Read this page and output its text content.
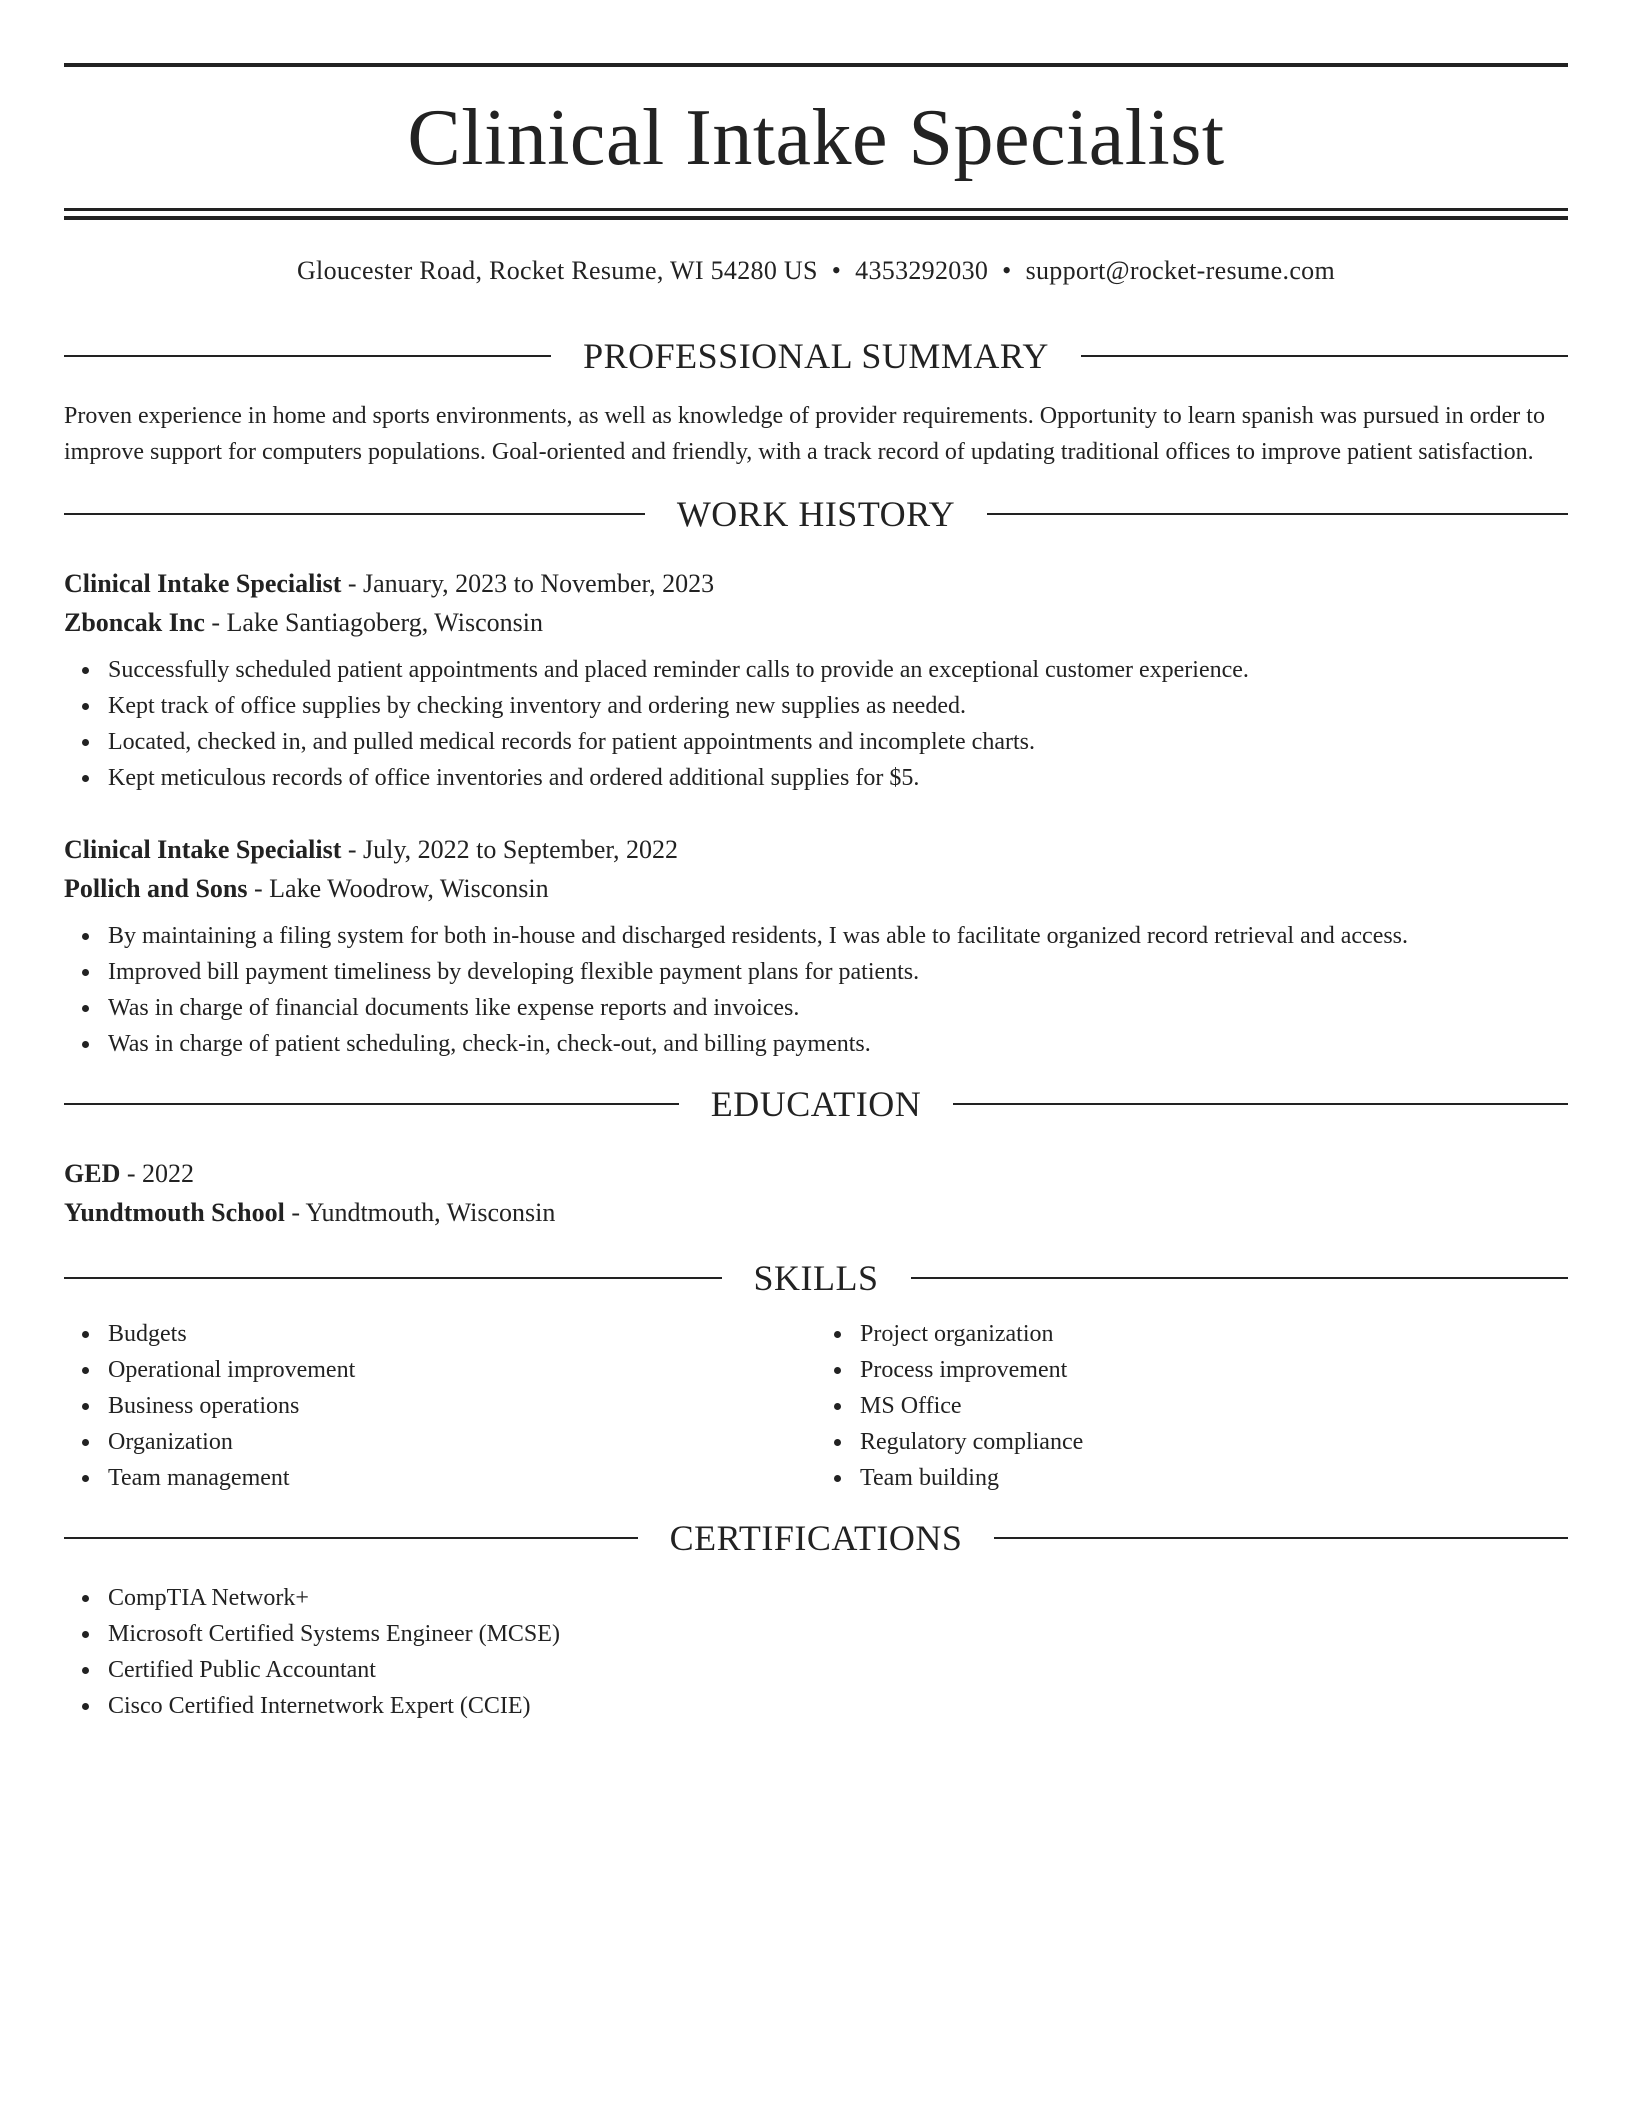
Clinical Intake Specialist
Gloucester Road, Rocket Resume, WI 54280 US • 4353292030 • support@rocket-resume.com
PROFESSIONAL SUMMARY
Proven experience in home and sports environments, as well as knowledge of provider requirements. Opportunity to learn spanish was pursued in order to improve support for computers populations. Goal-oriented and friendly, with a track record of updating traditional offices to improve patient satisfaction.
WORK HISTORY
Clinical Intake Specialist - January, 2023 to November, 2023
Zboncak Inc - Lake Santiagoberg, Wisconsin
Successfully scheduled patient appointments and placed reminder calls to provide an exceptional customer experience.
Kept track of office supplies by checking inventory and ordering new supplies as needed.
Located, checked in, and pulled medical records for patient appointments and incomplete charts.
Kept meticulous records of office inventories and ordered additional supplies for $5.
Clinical Intake Specialist - July, 2022 to September, 2022
Pollich and Sons - Lake Woodrow, Wisconsin
By maintaining a filing system for both in-house and discharged residents, I was able to facilitate organized record retrieval and access.
Improved bill payment timeliness by developing flexible payment plans for patients.
Was in charge of financial documents like expense reports and invoices.
Was in charge of patient scheduling, check-in, check-out, and billing payments.
EDUCATION
GED - 2022
Yundtmouth School - Yundtmouth, Wisconsin
SKILLS
Budgets
Operational improvement
Business operations
Organization
Team management
Project organization
Process improvement
MS Office
Regulatory compliance
Team building
CERTIFICATIONS
CompTIA Network+
Microsoft Certified Systems Engineer (MCSE)
Certified Public Accountant
Cisco Certified Internetwork Expert (CCIE)
